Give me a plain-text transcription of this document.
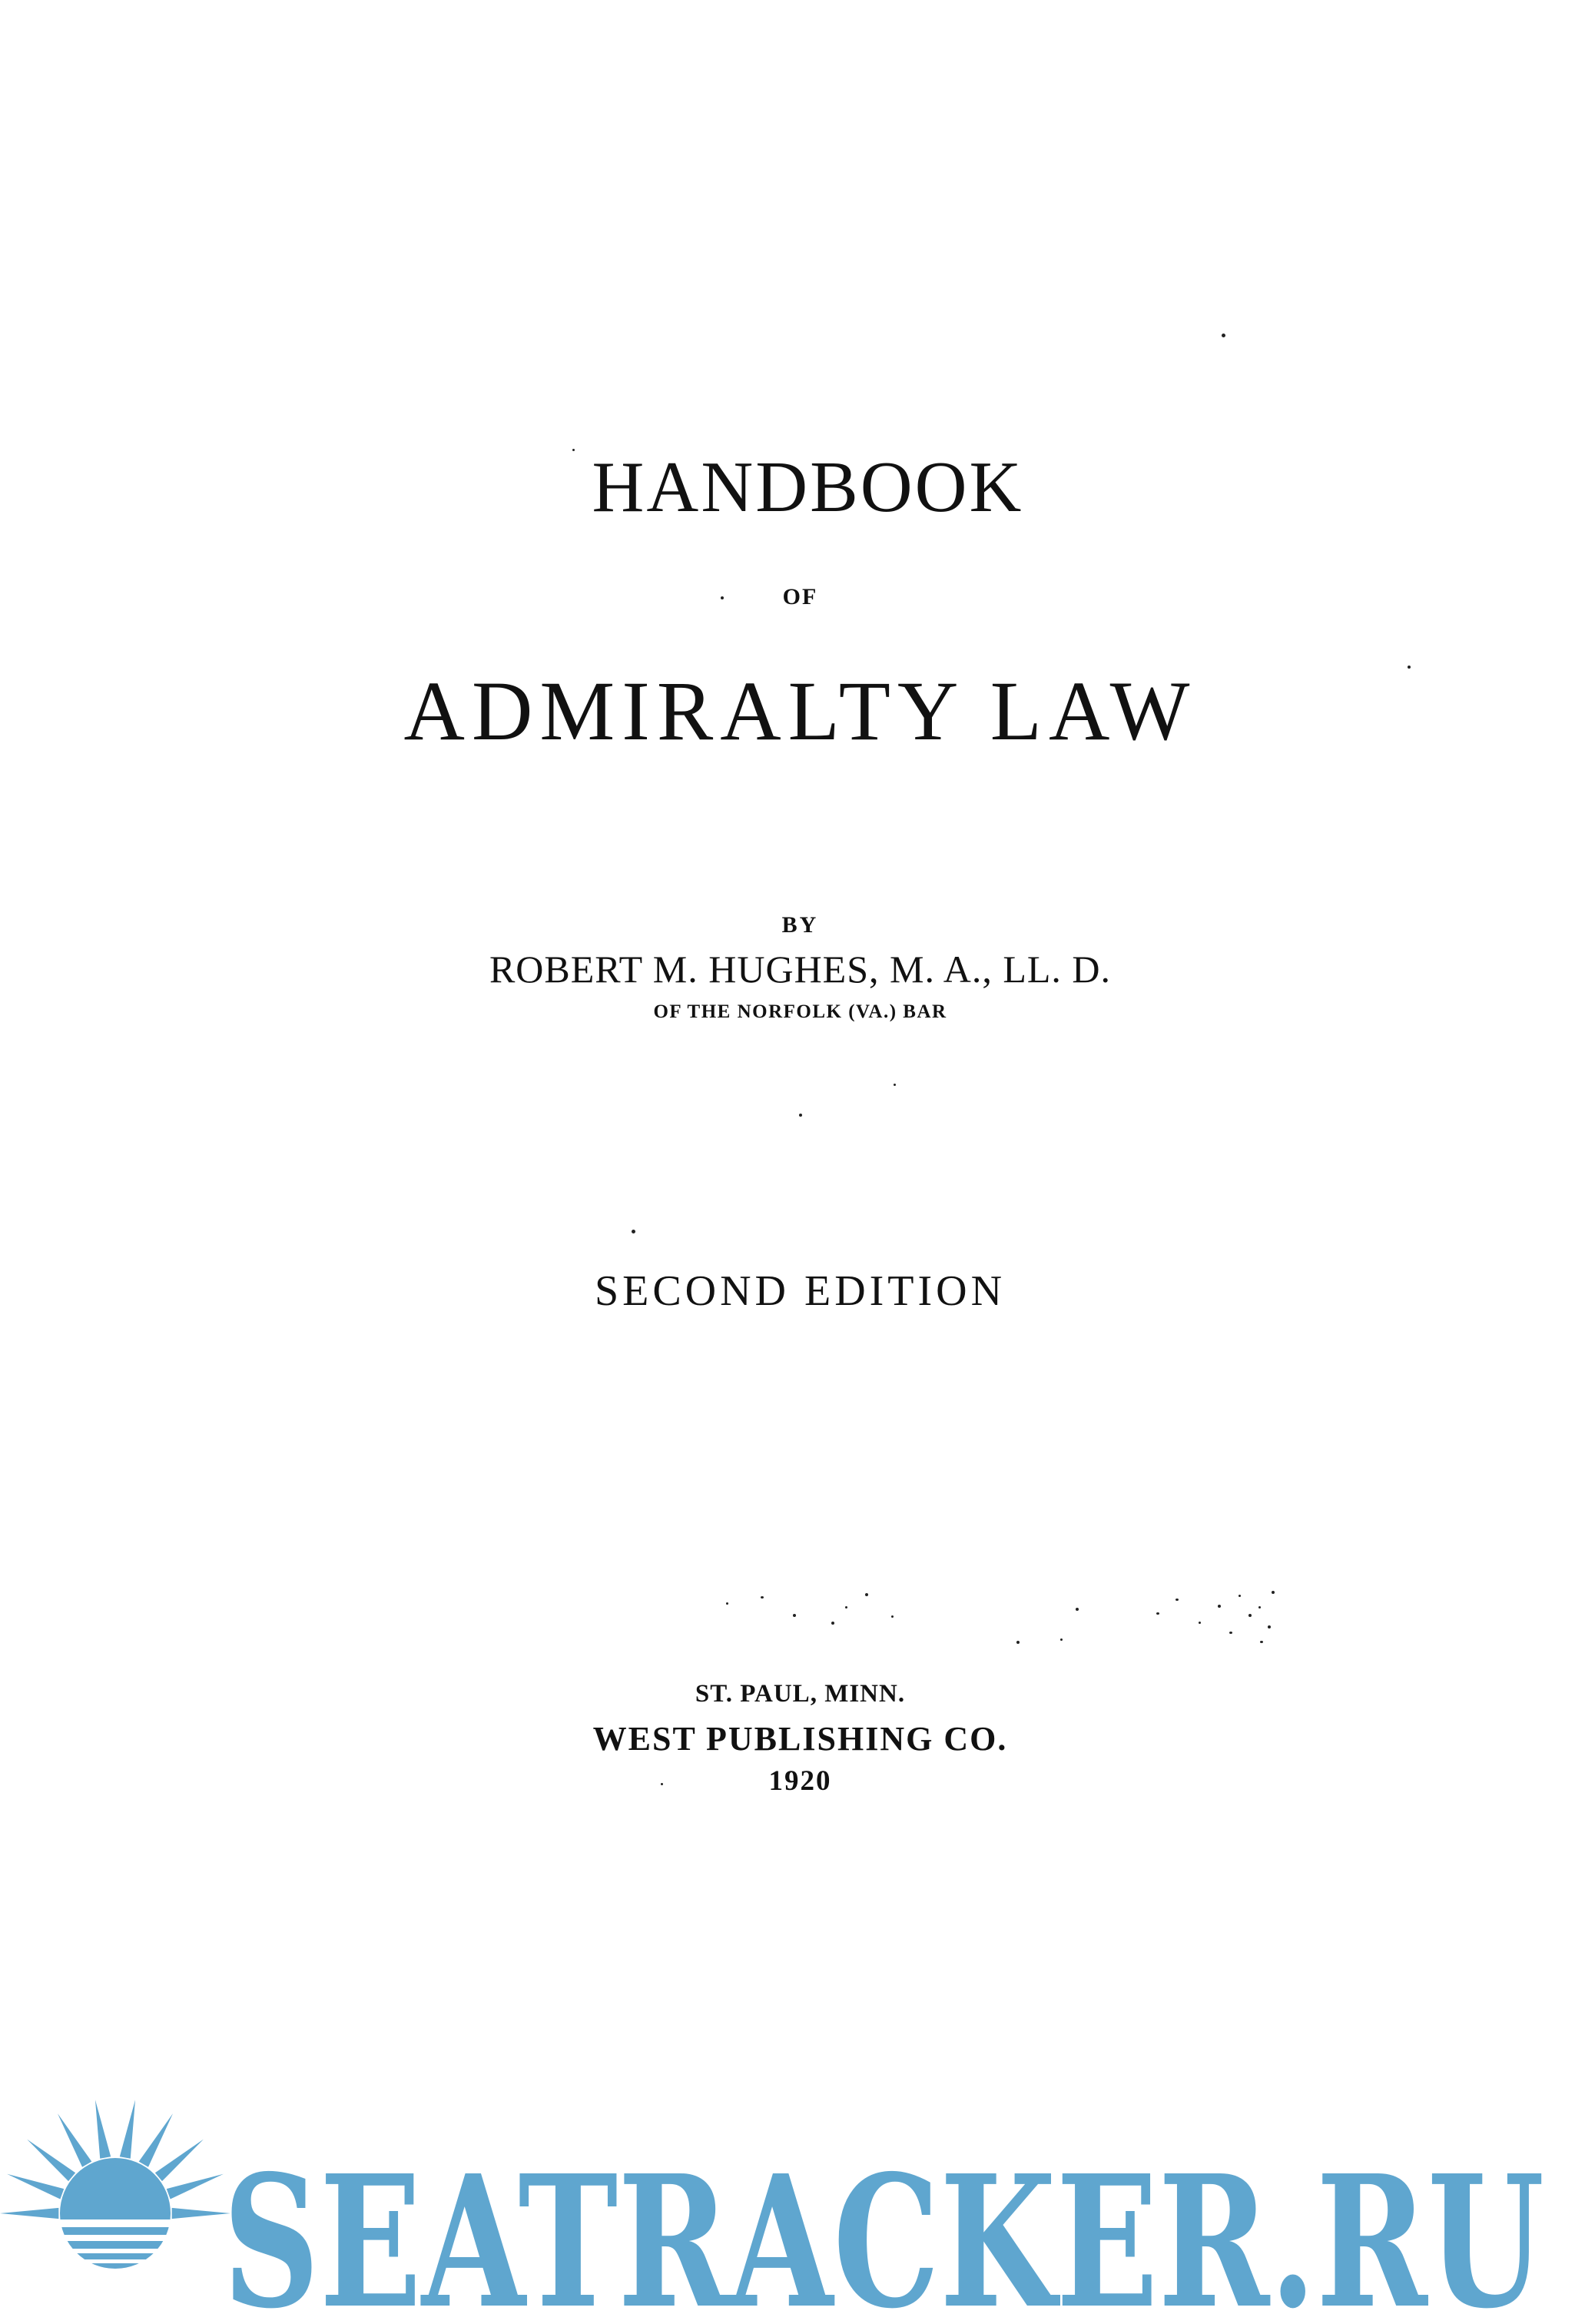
HANDBOOK

OF

ADMIRALTY LAW

BY

ROBERT M. HUGHES, M. A., LL. D.

OF THE NORFOLK (VA.) BAR

SECOND EDITION

ST. PAUL, MINN.

WEST PUBLISHING CO.

1920

SEATRACKER.RU
